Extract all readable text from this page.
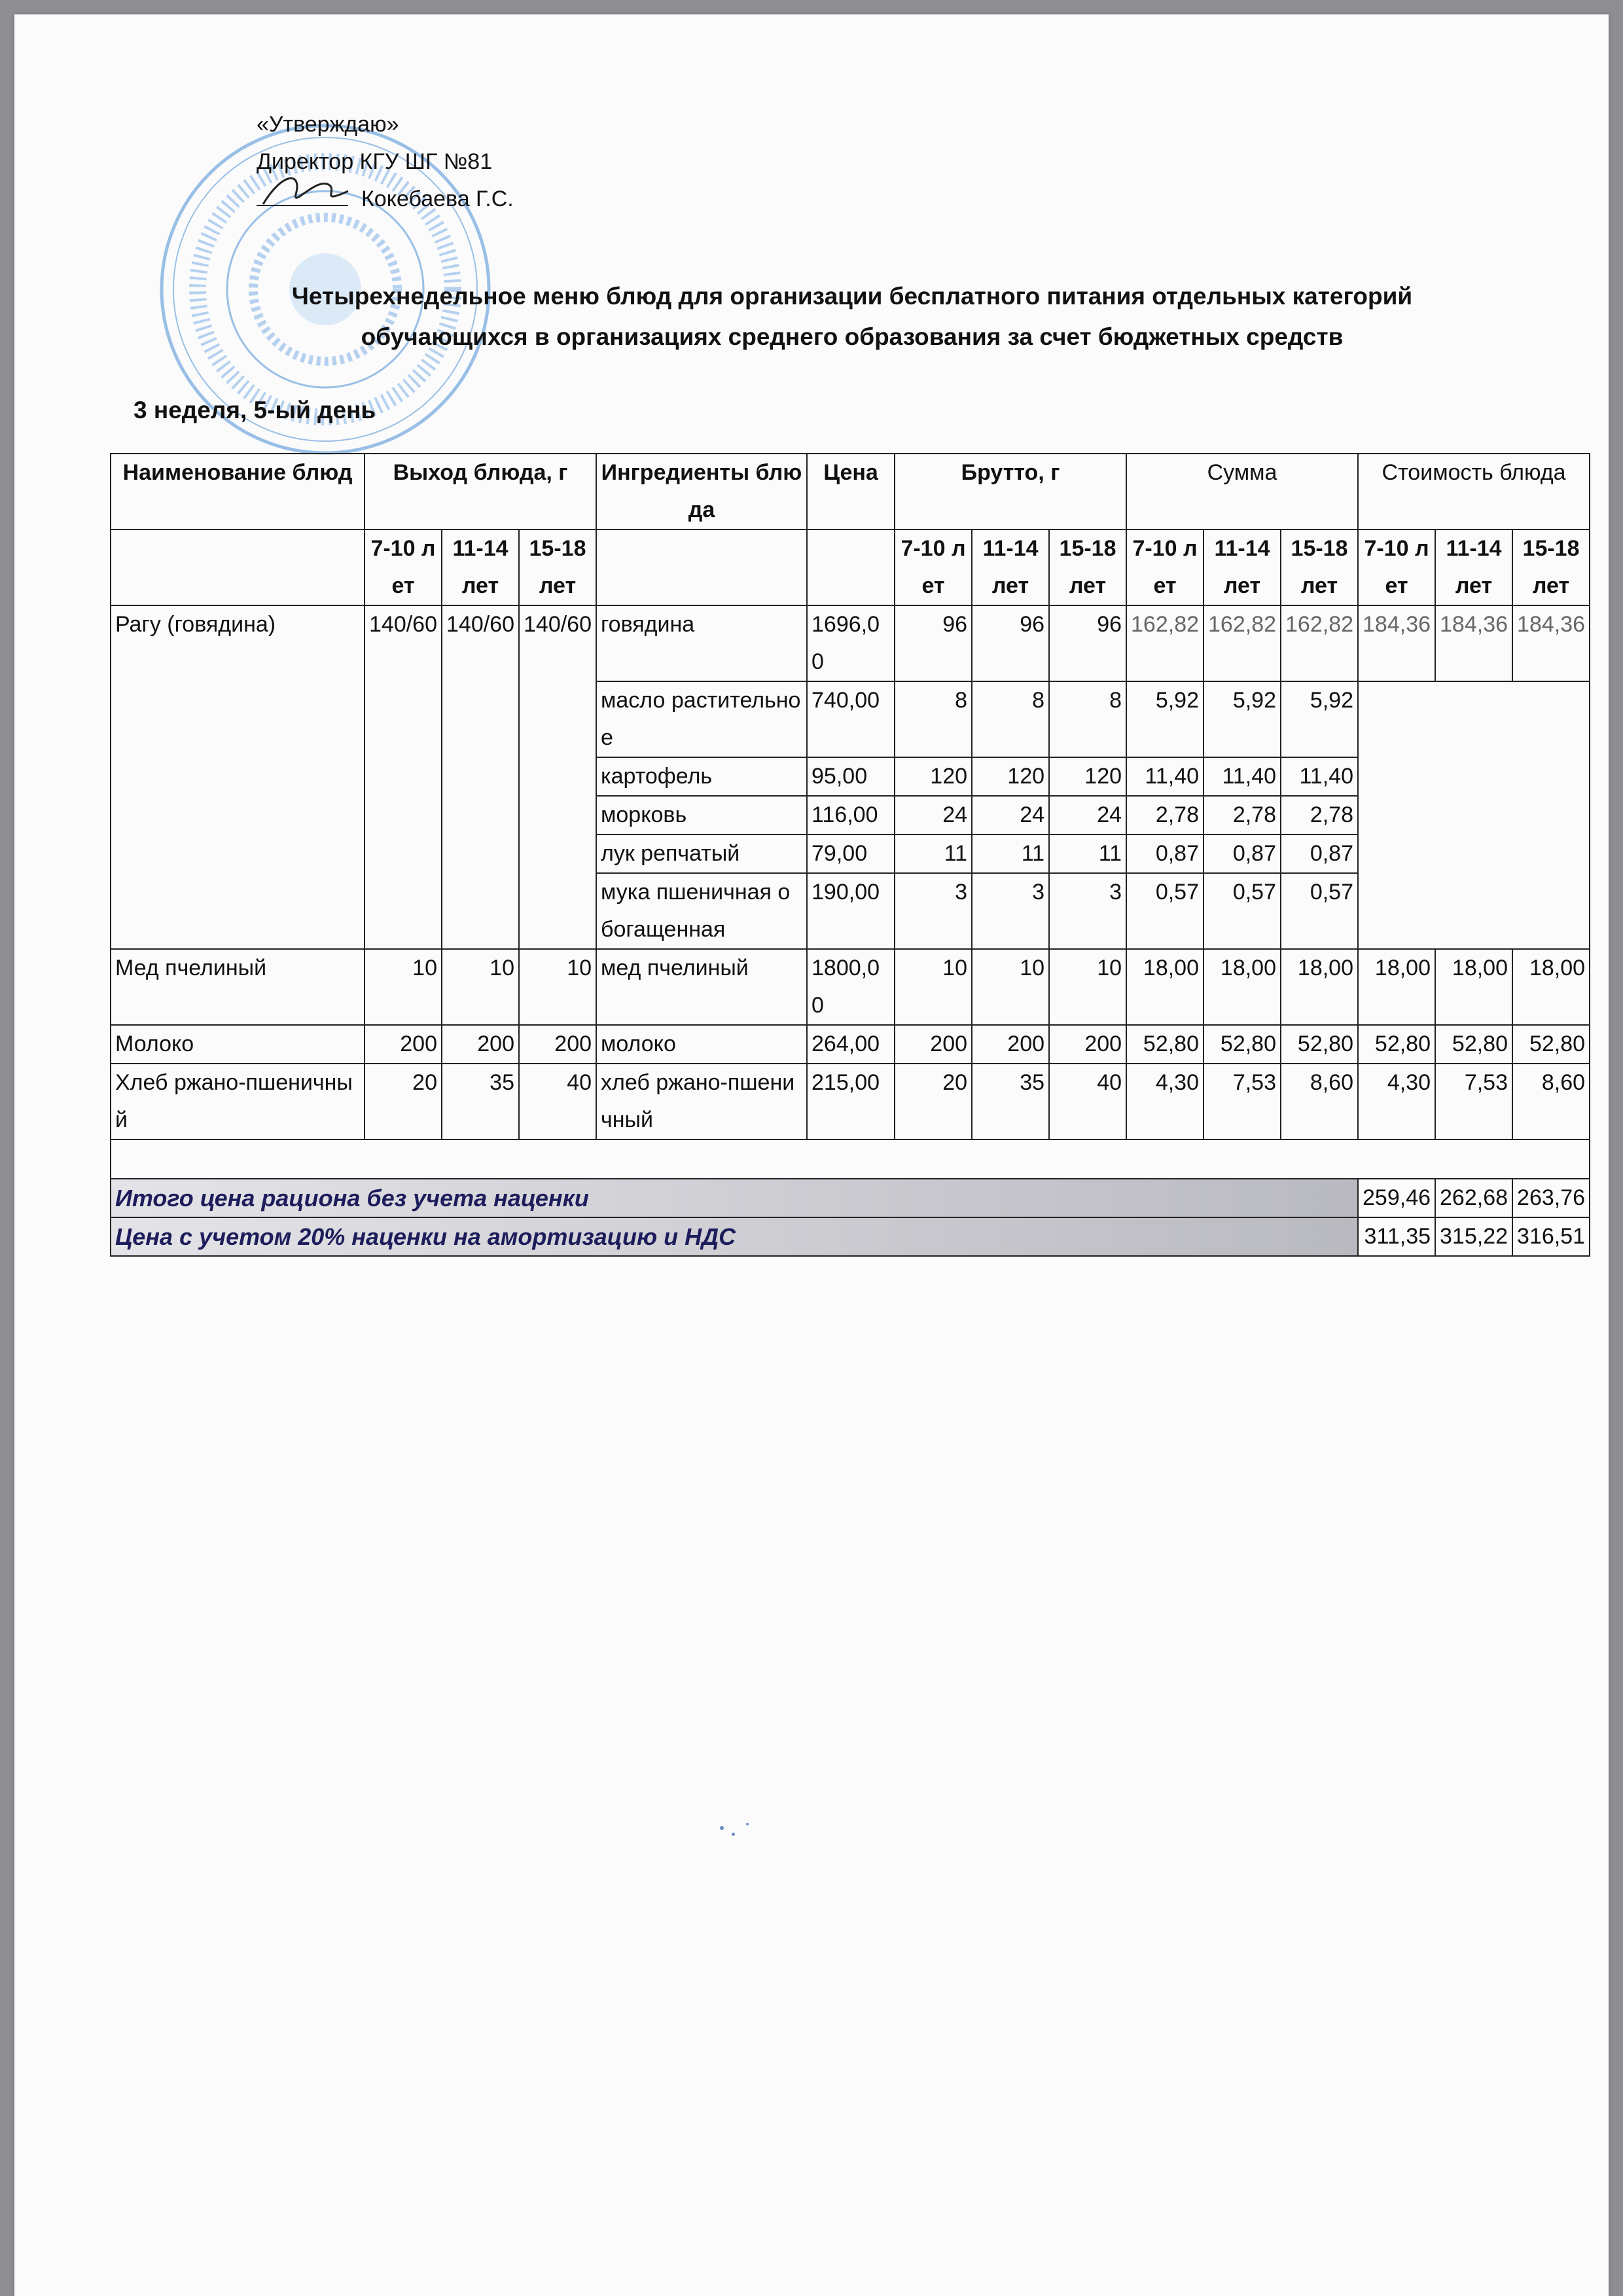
«Утверждаю»
Директор КГУ ШГ №81
Кокебаева Г.С.
Четырехнедельное меню блюд для организации бесплатного питания отдельных категорий
обучающихся в организациях среднего образования за счет бюджетных средств
3 неделя, 5-ый день
Наименование блюд	Выход блюда, г			Ингредиенты блюда	Цена	Брутто, г			Сумма			Стоимость блюда		
	7-10 лет	11-14 лет	15-18 лет			7-10 лет	11-14 лет	15-18 лет	7-10 лет	11-14 лет	15-18 лет	7-10 лет	11-14 лет	15-18 лет
Рагу (говядина)	140/60	140/60	140/60	говядина	1696,00	96	96	96	162,82	162,82	162,82	184,36	184,36	184,36
				масло растительное	740,00	8	8	8	5,92	5,92	5,92			
				картофель	95,00	120	120	120	11,40	11,40	11,40			
				морковь	116,00	24	24	24	2,78	2,78	2,78			
				лук репчатый	79,00	11	11	11	0,87	0,87	0,87			
				мука пшеничная обогащенная	190,00	3	3	3	0,57	0,57	0,57			
Мед пчелиный	10	10	10	мед пчелиный	1800,00	10	10	10	18,00	18,00	18,00	18,00	18,00	18,00
Молоко	200	200	200	молоко	264,00	200	200	200	52,80	52,80	52,80	52,80	52,80	52,80
Хлеб ржано-пшеничный	20	35	40	хлеб ржано-пшеничный	215,00	20	35	40	4,30	7,53	8,60	4,30	7,53	8,60

Итого цена рациона без учета наценки												259,46	262,68	263,76
Цена с учетом 20% наценки на амортизацию и НДС												311,35	315,22	316,51
